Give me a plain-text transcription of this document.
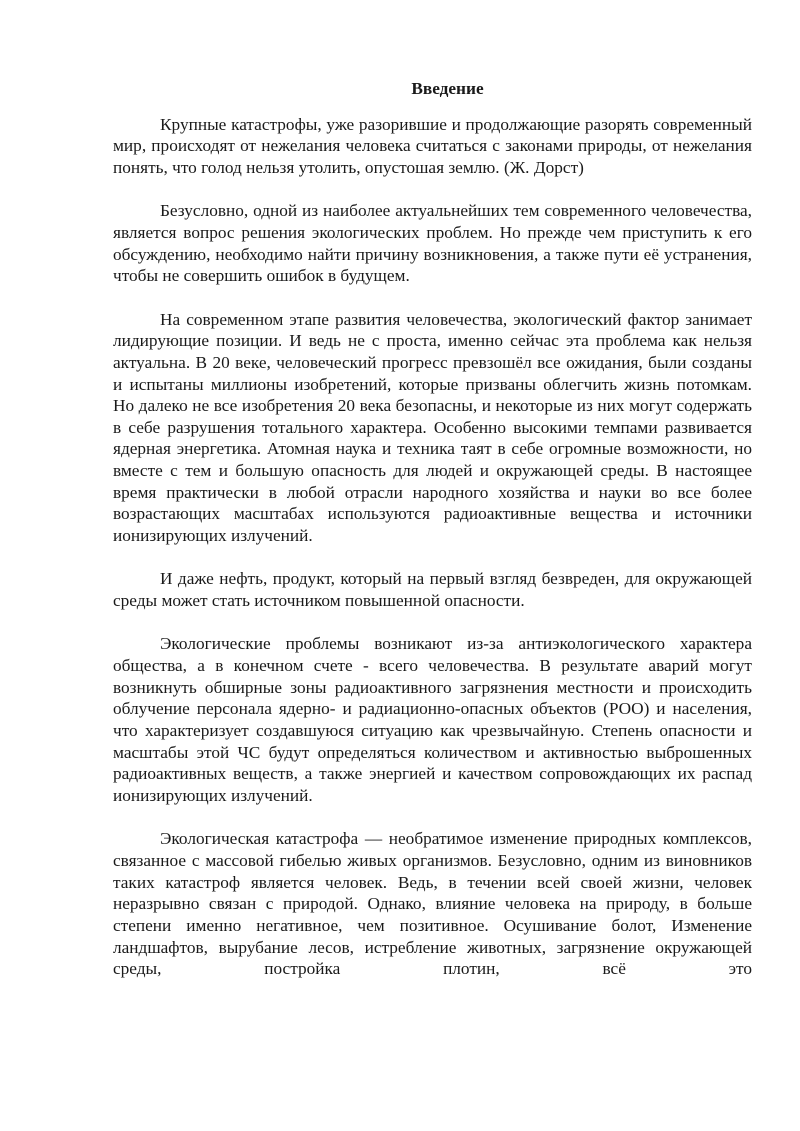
Введение

Крупные катастрофы, уже разорившие и продолжающие разорять современный мир, происходят от нежелания человека считаться с законами природы, от нежелания понять, что голод нельзя утолить, опустошая землю. (Ж. Дорст)

Безусловно, одной из наиболее актуальнейших тем современного человечества, является вопрос решения экологических проблем. Но прежде чем приступить к его обсуждению, необходимо найти причину возникновения, а также пути её устранения, чтобы не совершить ошибок в будущем.

На современном этапе развития человечества, экологический фактор занимает лидирующие позиции. И ведь не с проста, именно сейчас эта проблема как нельзя актуальна. В 20 веке, человеческий прогресс превзошёл все ожидания, были созданы и испытаны миллионы изобретений, которые призваны облегчить жизнь потомкам. Но далеко не все изобретения 20 века безопасны, и некоторые из них могут содержать в себе разрушения тотального характера. Особенно высокими темпами развивается ядерная энергетика. Атомная наука и техника таят в себе огромные возможности, но вместе с тем и большую опасность для людей и окружающей среды. В настоящее время практически в любой отрасли народного хозяйства и науки во все более возрастающих масштабах используются радиоактивные вещества и источники ионизирующих излучений.

И даже нефть, продукт, который на первый взгляд безвреден, для окружающей среды может стать источником повышенной опасности.

Экологические проблемы возникают из-за антиэкологического характера общества, а в конечном счете - всего человечества. В результате аварий могут возникнуть обширные зоны радиоактивного загрязнения местности и происходить облучение персонала ядерно- и радиационно-опасных объектов (РОО) и населения, что характеризует создавшуюся ситуацию как чрезвычайную. Степень опасности и масштабы этой ЧС будут определяться количеством и активностью выброшенных радиоактивных веществ, а также энергией и качеством сопровождающих их распад ионизирующих излучений.

Экологическая катастрофа — необратимое изменение природных комплексов, связанное с массовой гибелью живых организмов. Безусловно, одним из виновников таких катастроф является человек. Ведь, в течении всей своей жизни, человек неразрывно связан с природой. Однако, влияние человека на природу, в больше степени именно негативное, чем позитивное. Осушивание болот, Изменение ландшафтов, вырубание лесов, истребление животных, загрязнение окружающей среды, постройка плотин, всё это
